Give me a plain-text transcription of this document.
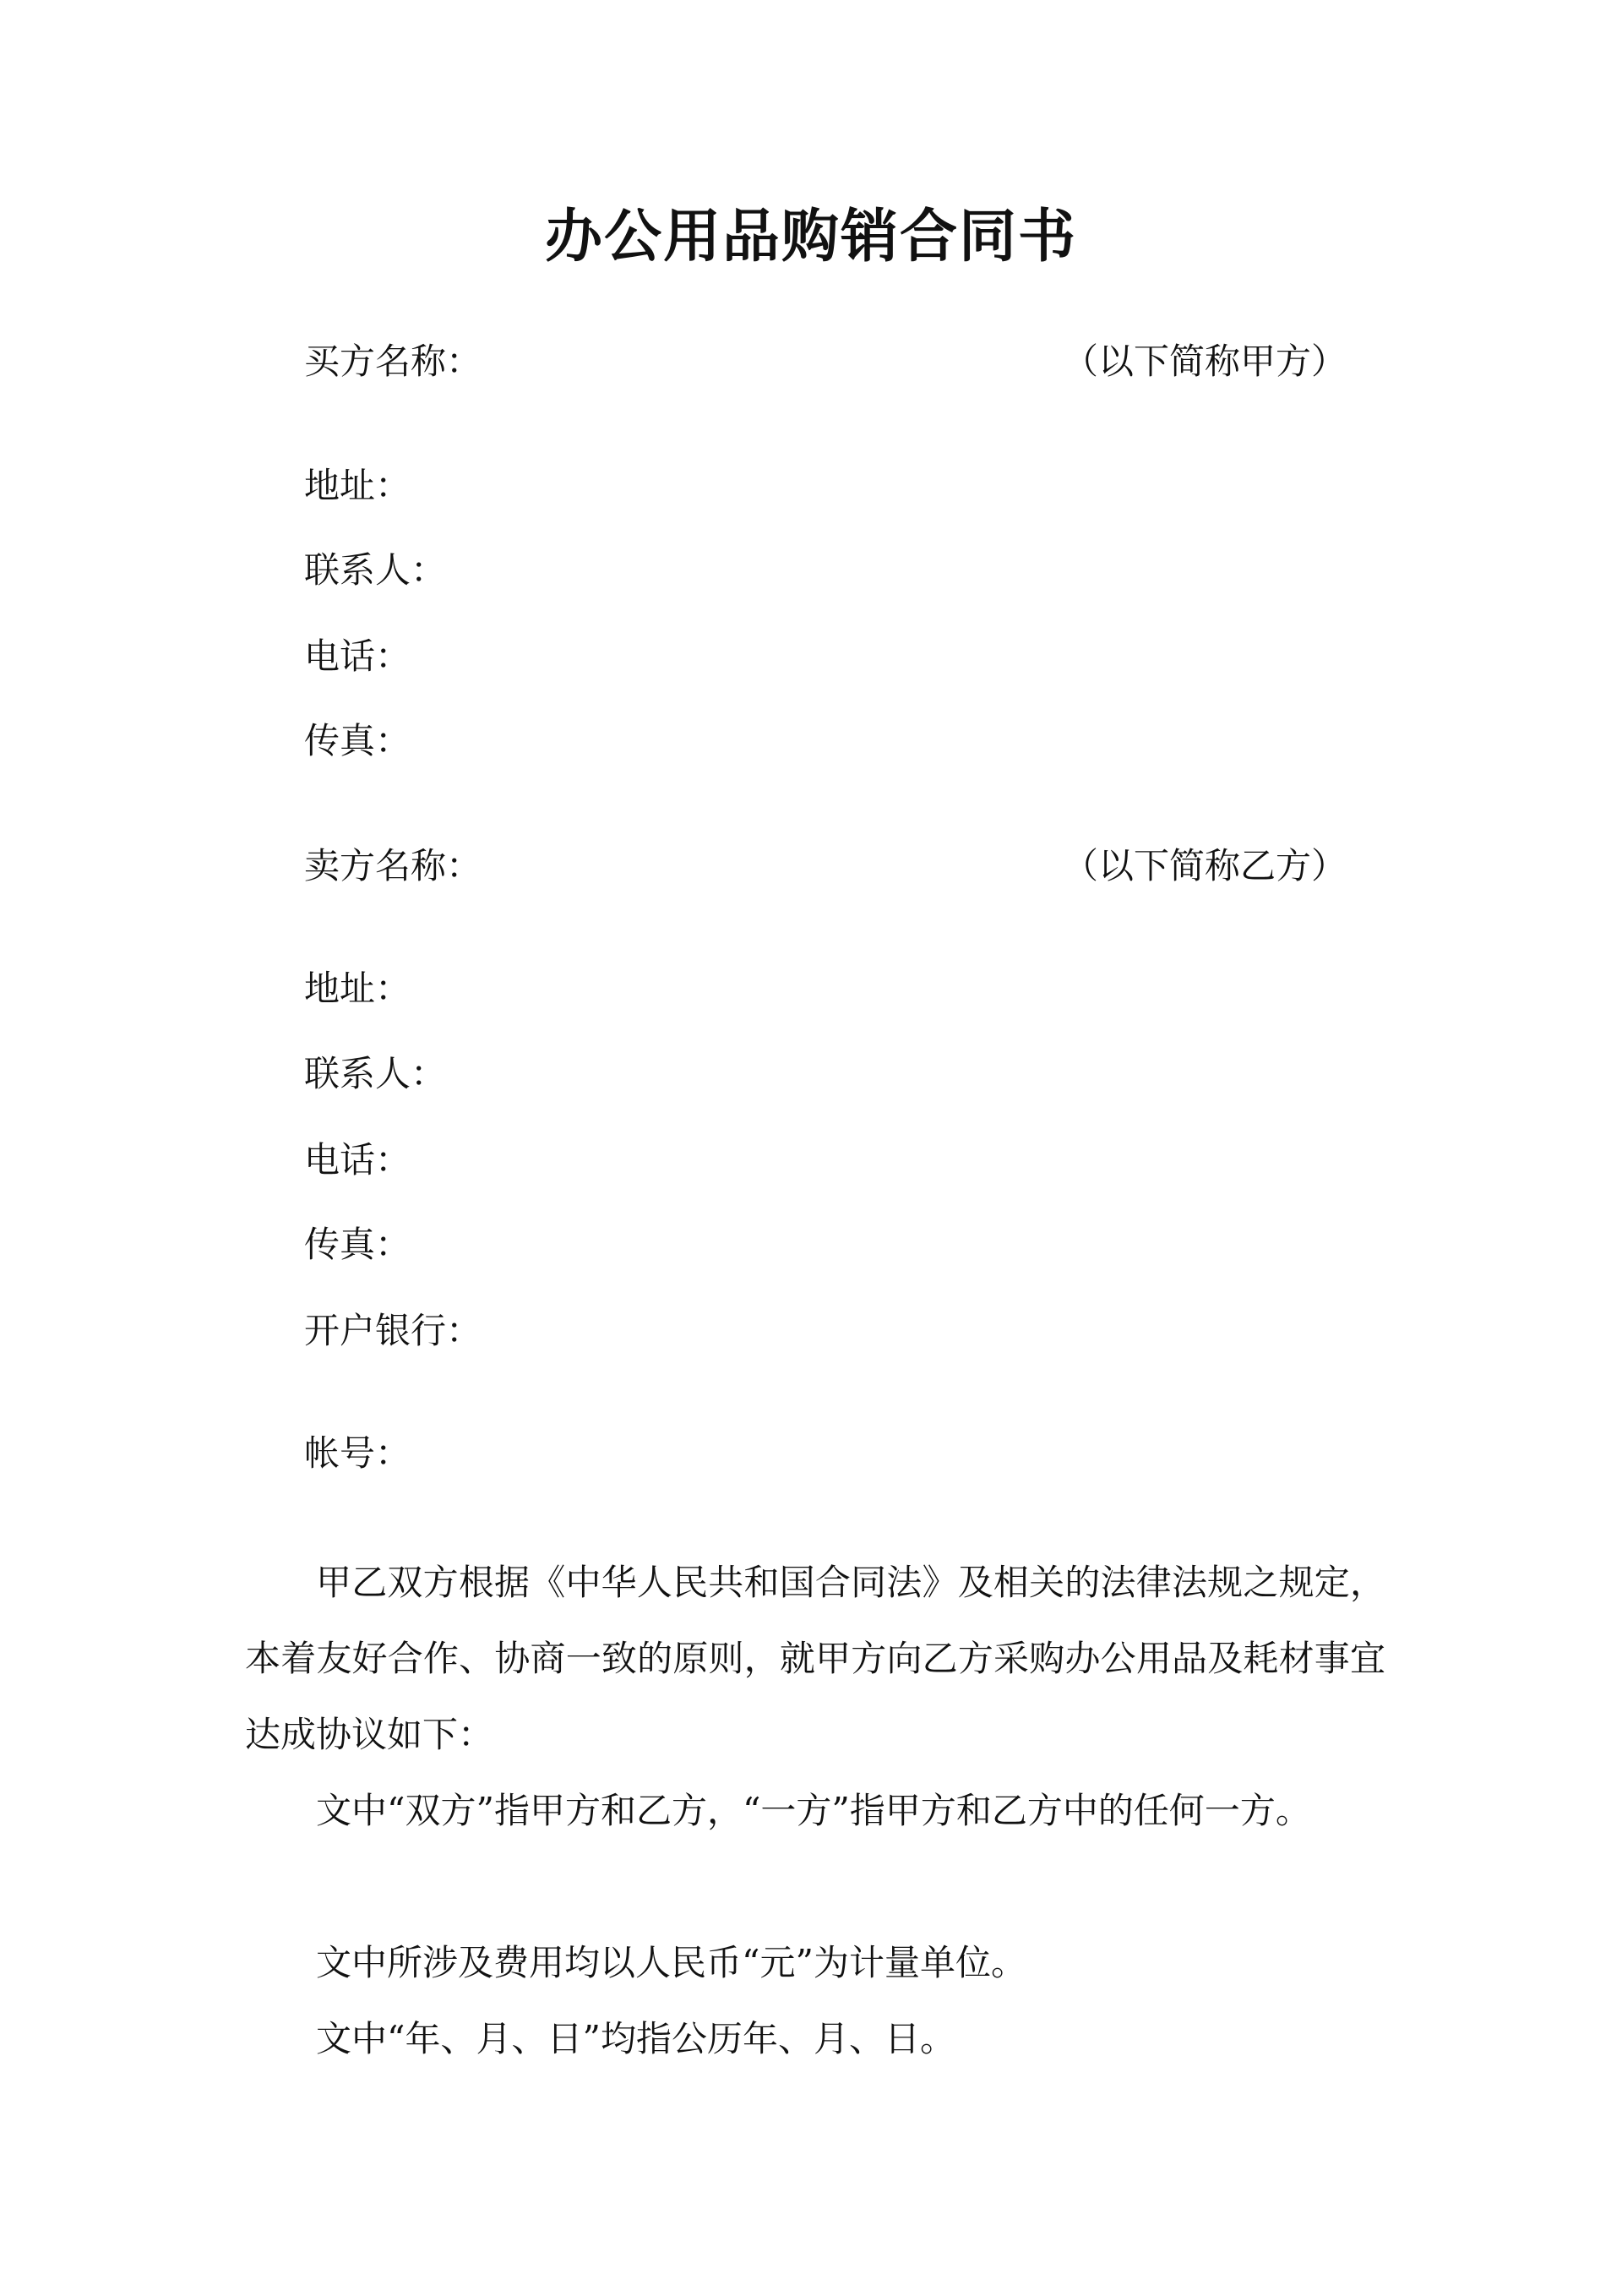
办公用品购销合同书
买方名称：	（以下简称甲方）
地址：
联系人：
电话：
传真：
卖方名称：	（以下简称乙方）
地址：
联系人：
电话：
传真：
开户银行：
帐号：

甲乙双方根据《中华人民共和国合同法》及相关的法律法规之规定，本着友好合作、协商一致的原则，就甲方向乙方采购办公用品及耗材事宜达成协议如下：

文中“双方”指甲方和乙方，“一方”指甲方和乙方中的任何一方。

文中所涉及费用均以人民币“元”为计量单位。

文中“年、月、日”均指公历年、月、日。
